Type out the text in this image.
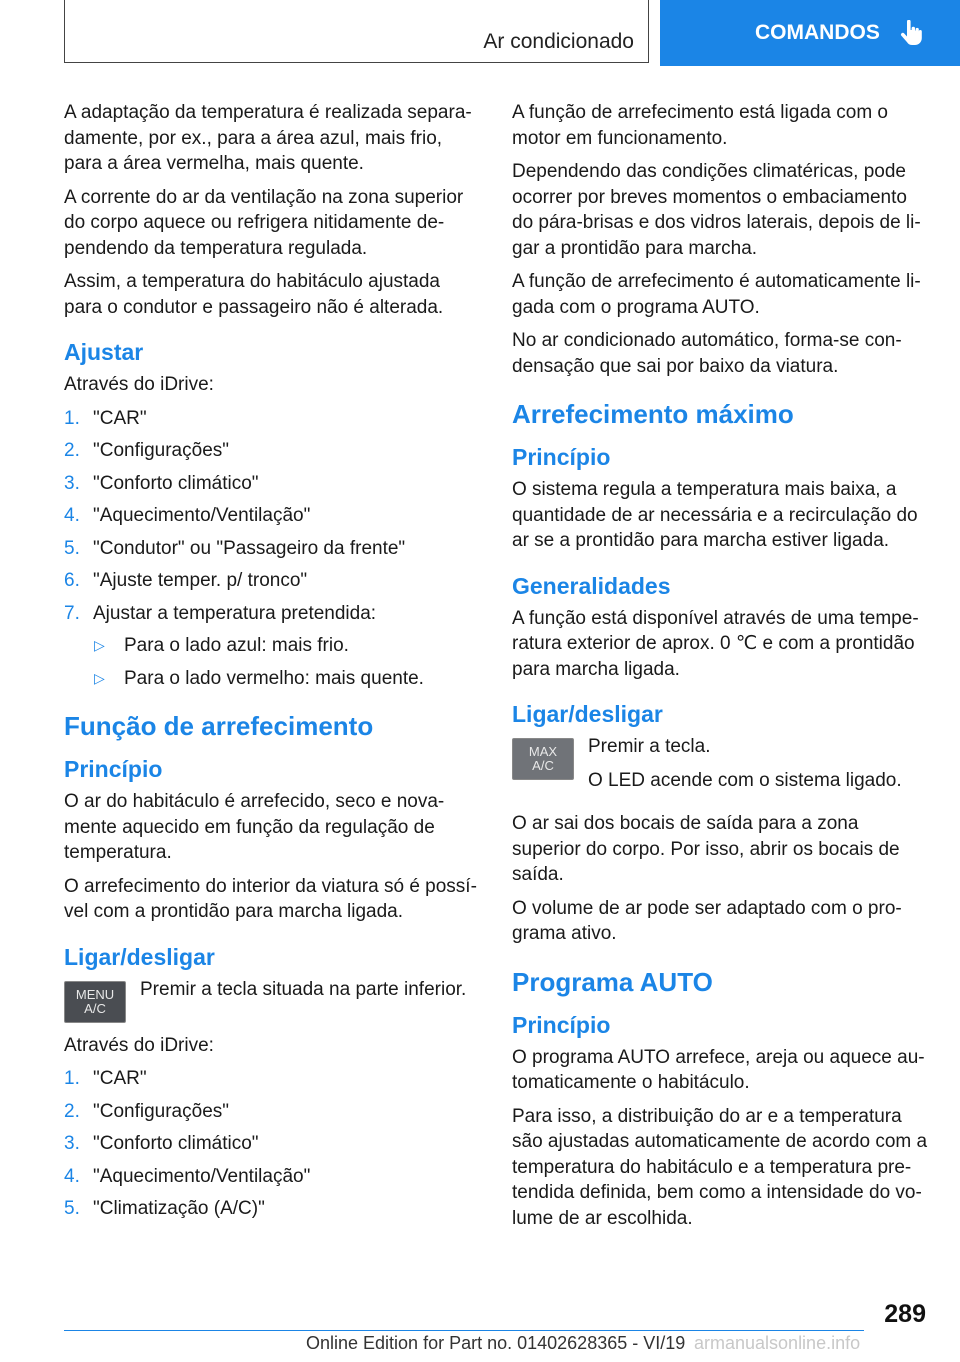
Ar condicionado	COMANDOS

A adaptação da temperatura é realizada separadamente, por ex., para a área azul, mais frio, para a área vermelha, mais quente.

A corrente do ar da ventilação na zona superior do corpo aquece ou refrigera nitidamente dependendo da temperatura regulada.

Assim, a temperatura do habitáculo ajustada para o condutor e passageiro não é alterada.

Ajustar

Através do iDrive:

1. "CAR"
2. "Configurações"
3. "Conforto climático"
4. "Aquecimento/Ventilação"
5. "Condutor" ou "Passageiro da frente"
6. "Ajuste temper. p/ tronco"
7. Ajustar a temperatura pretendida:
▷	Para o lado azul: mais frio.
▷	Para o lado vermelho: mais quente.
Função de arrefecimento
Princípio

O ar do habitáculo é arrefecido, seco e novamente aquecido em função da regulação de temperatura.

O arrefecimento do interior da viatura só é possível com a prontidão para marcha ligada.

Ligar/desligar
MENU
A/C

Premir a tecla situada na parte inferior.

Através do iDrive:

1. "CAR"
2. "Configurações"
3. "Conforto climático"
4. "Aquecimento/Ventilação"
5. "Climatização (A/C)"

A função de arrefecimento está ligada com o motor em funcionamento.

Dependendo das condições climatéricas, pode ocorrer por breves momentos o embaciamento do pára-brisas e dos vidros laterais, depois de ligar a prontidão para marcha.

A função de arrefecimento é automaticamente ligada com o programa AUTO.

No ar condicionado automático, forma-se condensação que sai por baixo da viatura.

Arrefecimento máximo
Princípio

O sistema regula a temperatura mais baixa, a quantidade de ar necessária e a recirculação do ar se a prontidão para marcha estiver ligada.

Generalidades

A função está disponível através de uma temperatura exterior de aprox. 0 ℃ e com a prontidão para marcha ligada.

Ligar/desligar
MAX
A/C

Premir a tecla.

O LED acende com o sistema ligado.

O ar sai dos bocais de saída para a zona superior do corpo. Por isso, abrir os bocais de saída.

O volume de ar pode ser adaptado com o programa ativo.

Programa AUTO
Princípio

O programa AUTO arrefece, areja ou aquece automaticamente o habitáculo.

Para isso, a distribuição do ar e a temperatura são ajustadas automaticamente de acordo com a temperatura do habitáculo e a temperatura pretendida definida, bem como a intensidade do volume de ar escolhida.

289
Online Edition for Part no. 01402628365 - VI/19 armanualsonline.info
